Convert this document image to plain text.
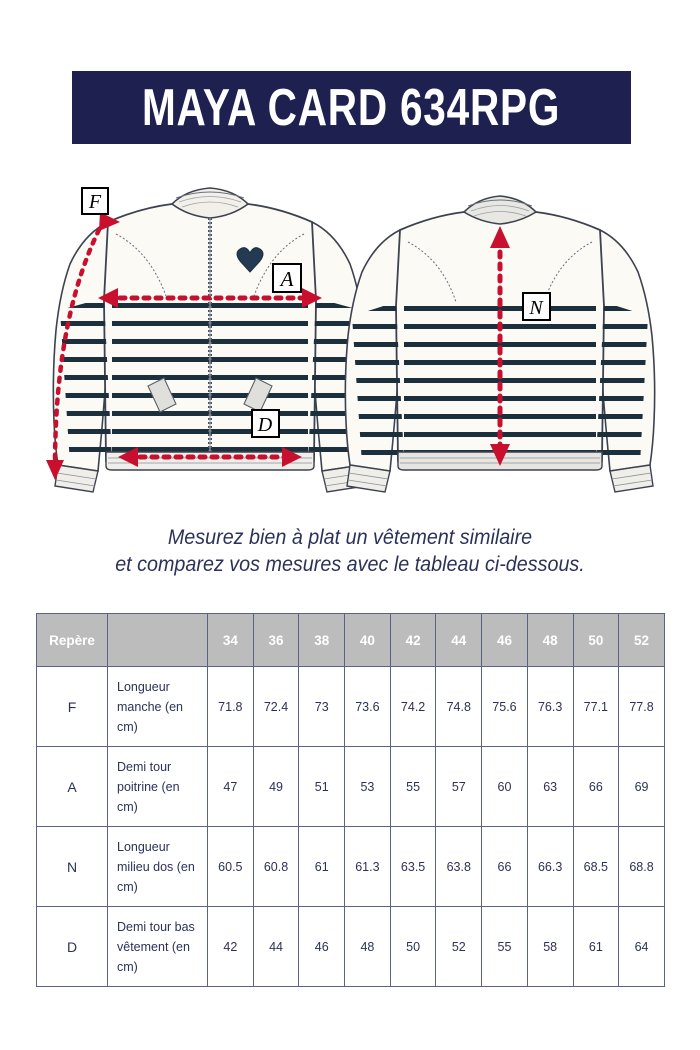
MAYA CARD 634RPG
F
A
D
N
Mesurez bien à plat un vêtement similaire
et comparez vos mesures avec le tableau ci-dessous.
Repère		34	36	38	40	42	44	46	48	50	52
F	Longueur manche (en cm)	71.8	72.4	73	73.6	74.2	74.8	75.6	76.3	77.1	77.8
A	Demi tour poitrine (en cm)	47	49	51	53	55	57	60	63	66	69
N	Longueur milieu dos (en cm)	60.5	60.8	61	61.3	63.5	63.8	66	66.3	68.5	68.8
D	Demi tour bas vêtement (en cm)	42	44	46	48	50	52	55	58	61	64
